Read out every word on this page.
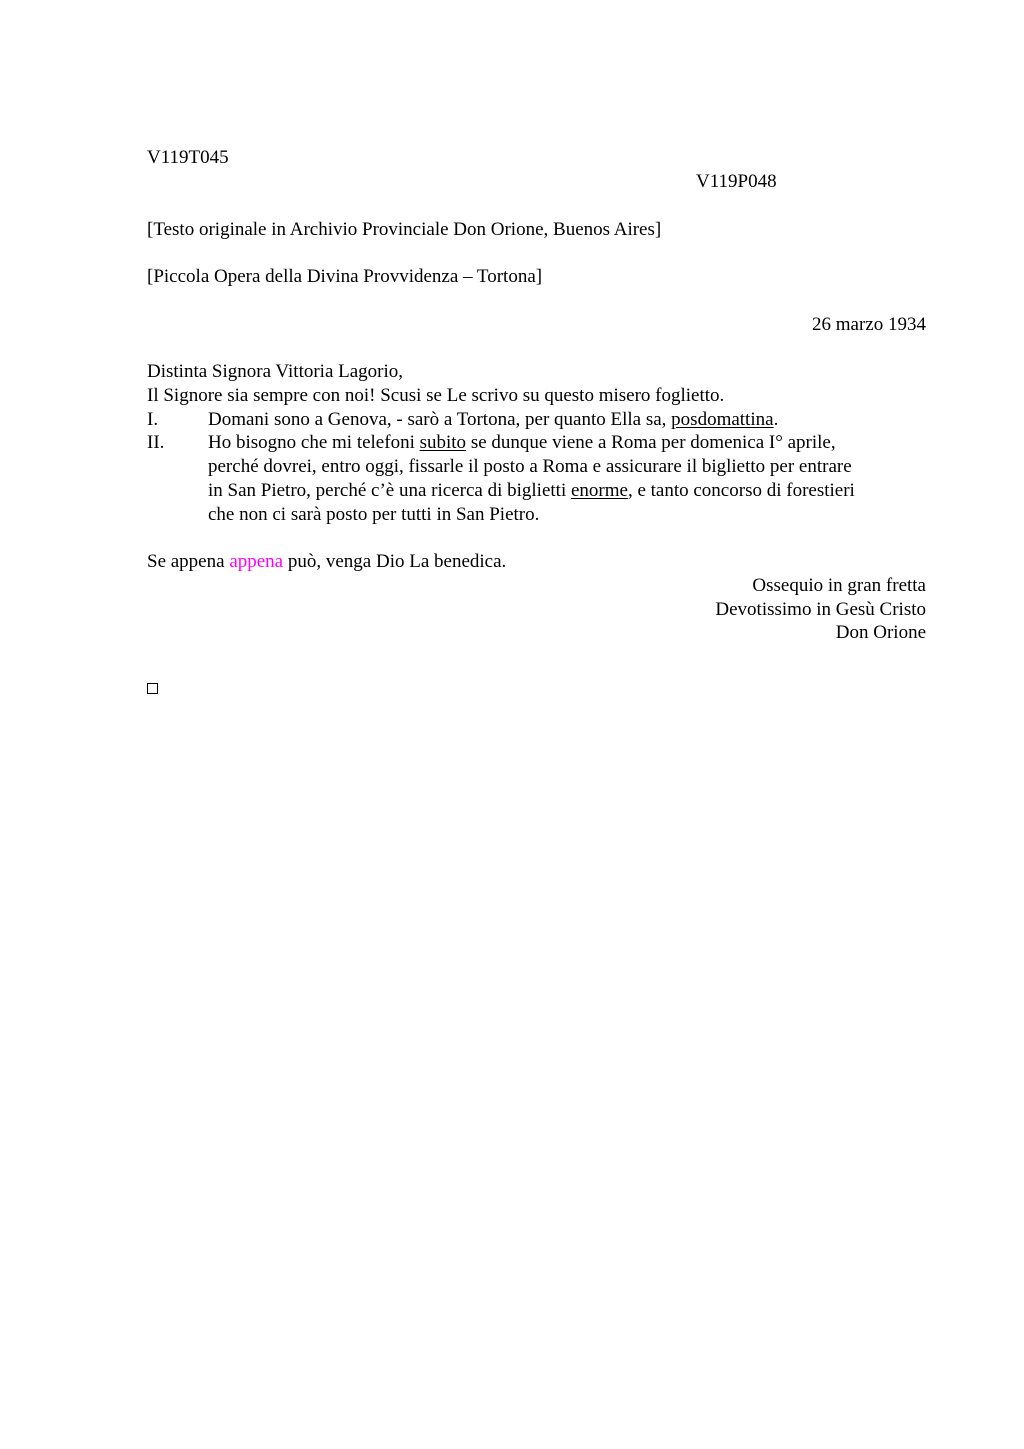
V119T045
V119P048
[Testo originale in Archivio Provinciale Don Orione, Buenos Aires]
[Piccola Opera della Divina Provvidenza – Tortona]
26 marzo 1934
Distinta Signora Vittoria Lagorio,
Il Signore sia sempre con noi! Scusi se Le scrivo su questo misero foglietto.
I.	Domani sono a Genova, - sarò a Tortona, per quanto Ella sa, posdomattina.
II. Ho bisogno che mi telefoni subito se dunque viene a Roma per domenica I° aprile,
perché dovrei, entro oggi, fissarle il posto a Roma e assicurare il biglietto per entrare
in San Pietro, perché c’è una ricerca di biglietti enorme, e tanto concorso di forestieri
che non ci sarà posto per tutti in San Pietro.
Se appena appena può, venga Dio La benedica.
Ossequio in gran fretta
Devotissimo in Gesù Cristo
Don Orione
